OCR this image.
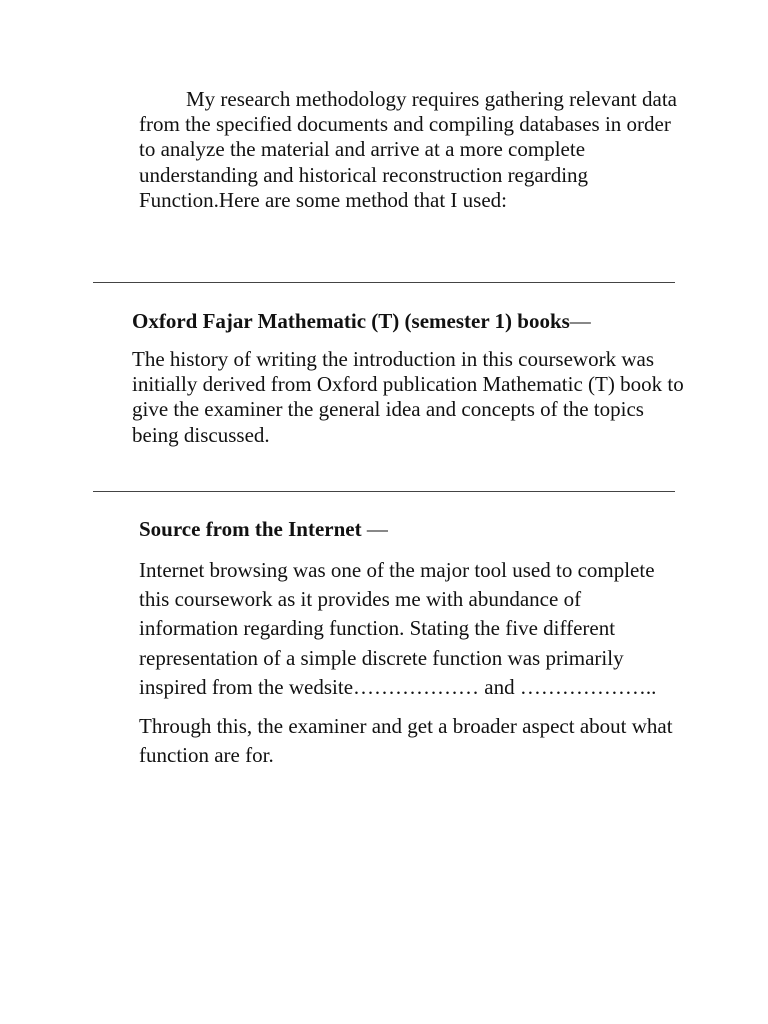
My research methodology requires gathering relevant data from the specified documents and compiling databases in order to analyze the material and arrive at a more complete understanding and historical reconstruction regarding Function.Here are some method that I used:

Oxford Fajar Mathematic (T) (semester 1) books—

The history of writing the introduction in this coursework was initially derived from Oxford publication Mathematic (T) book to give the examiner the general idea and concepts of the topics being discussed.

Source from the Internet —

Internet browsing was one of the major tool used to complete this coursework as it provides me with abundance of information regarding function. Stating the five different representation of a simple discrete function was primarily inspired from the wedsite……………… and ………………..

Through this, the examiner and get a broader aspect about what function are for.
